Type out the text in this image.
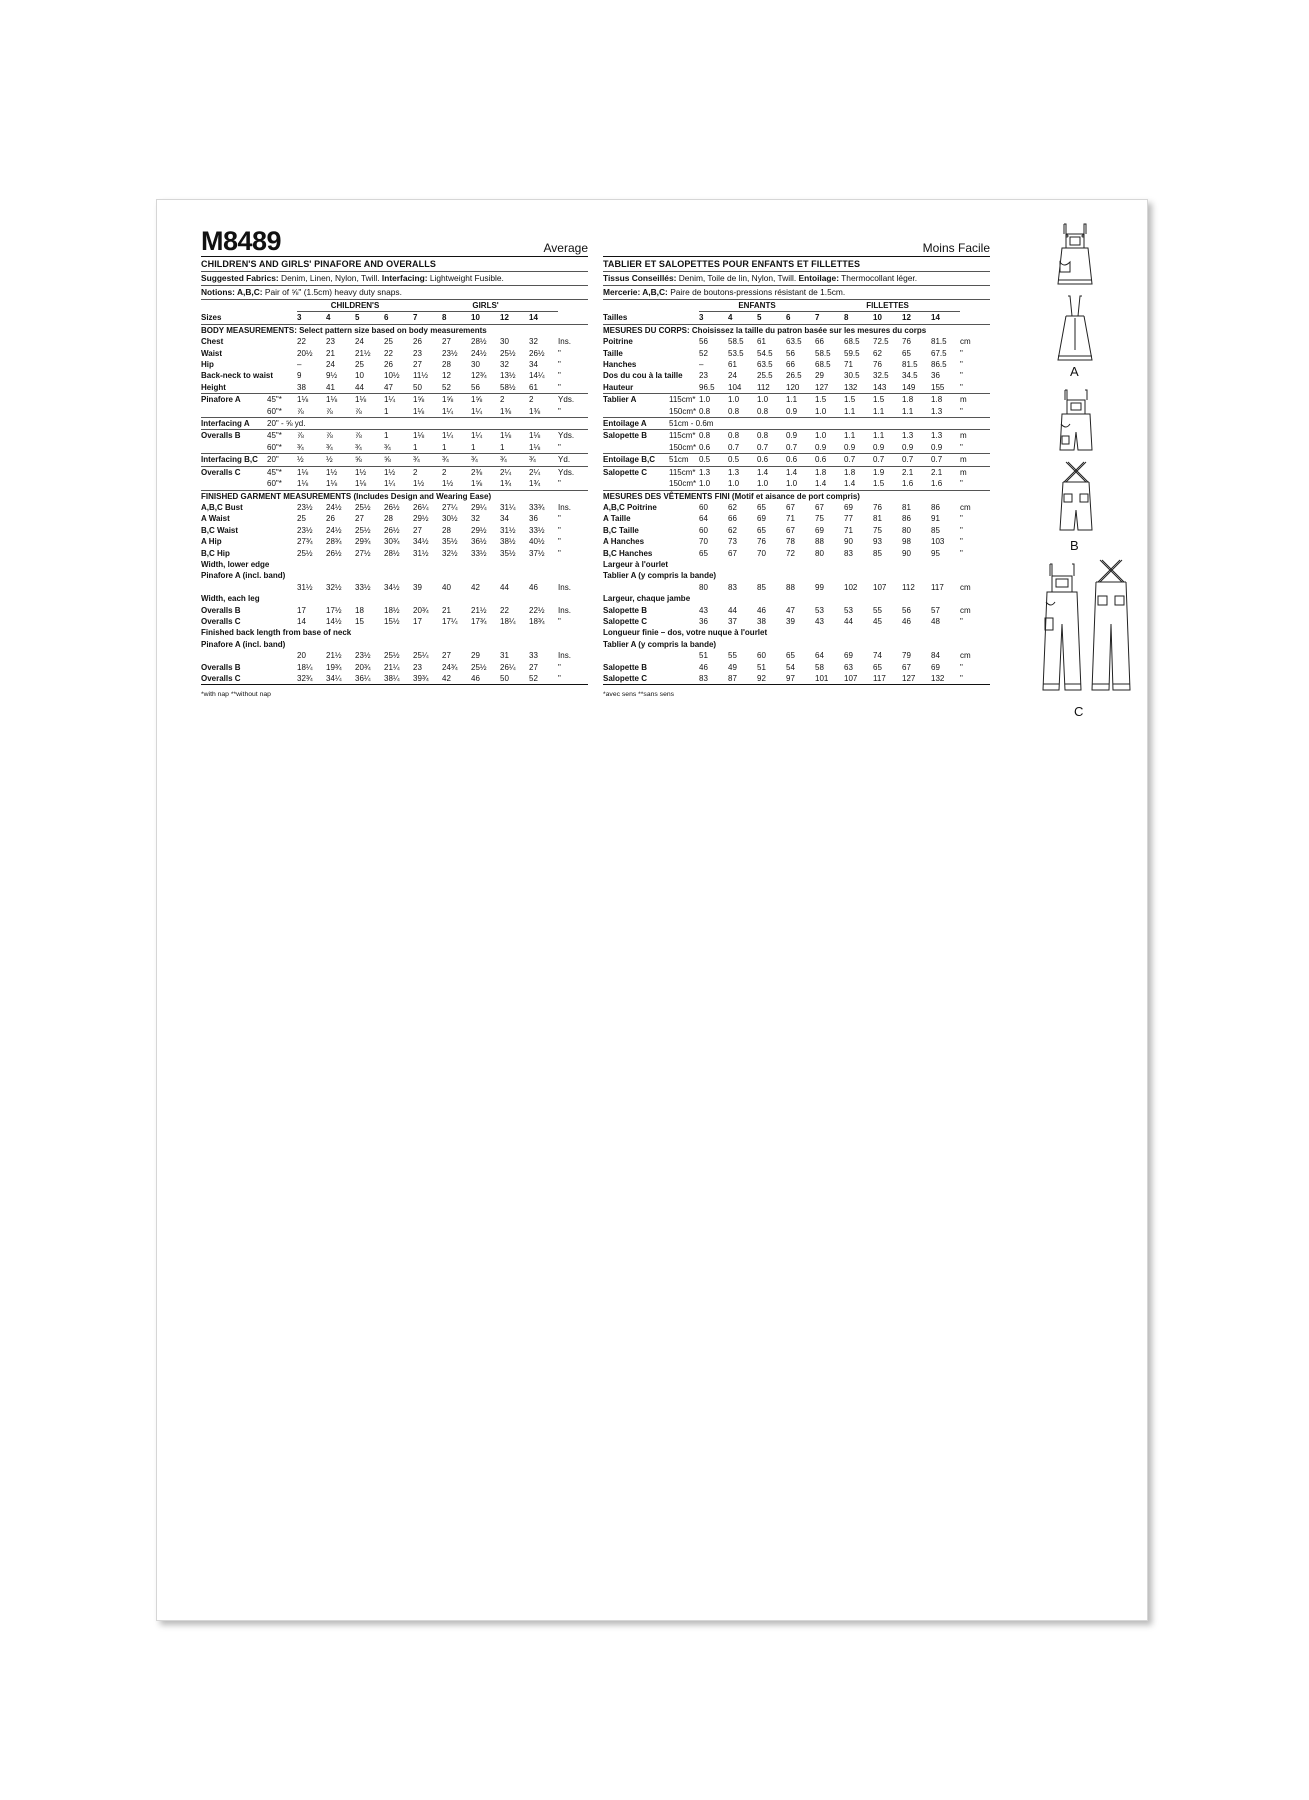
M8489	Average
CHILDREN'S AND GIRLS' PINAFORE AND OVERALLS
Suggested Fabrics: Denim, Linen, Nylon, Twill. Interfacing: Lightweight Fusible.
Notions: A,B,C: Pair of ⅝" (1.5cm) heavy duty snaps.
		CHILDREN'S				GIRLS'					
Sizes		3	4	5	6	7	8	10	12	14	
BODY MEASUREMENTS: Select pattern size based on body measurements											
Chest		22	23	24	25	26	27	28½	30	32	Ins.
Waist		20½	21	21½	22	23	23½	24½	25½	26½	"
Hip		–	24	25	26	27	28	30	32	34	"
Back-neck to waist		9	9½	10	10½	11½	12	12¾	13½	14¼	"
Height		38	41	44	47	50	52	56	58½	61	"
Pinafore A	45"*	1⅛	1⅛	1⅛	1¼	1⅝	1⅝	1⅝	2	2	Yds.
	60"*	⅞	⅞	⅞	1	1⅛	1¼	1¼	1⅜	1⅜	"
Interfacing A	20" - ⅝ yd.										
Overalls B	45"*	⅞	⅞	⅞	1	1⅛	1¼	1¼	1⅛	1⅛	Yds.
	60"*	¾	¾	¾	¾	1	1	1	1	1⅛	"
Interfacing B,C	20"	½	½	⅝	⅝	¾	¾	¾	¾	¾	Yd.
Overalls C	45"*	1⅛	1½	1½	1½	2	2	2⅜	2¼	2¼	Yds.
	60"*	1⅛	1⅛	1⅛	1¼	1½	1½	1⅝	1¾	1¾	"
FINISHED GARMENT MEASUREMENTS (Includes Design and Wearing Ease)											
A,B,C Bust		23½	24½	25½	26½	26¼	27¼	29¼	31¼	33¾	Ins.
A Waist		25	26	27	28	29½	30½	32	34	36	"
B,C Waist		23½	24½	25½	26½	27	28	29½	31½	33½	"
A Hip		27¾	28¾	29¾	30¾	34½	35½	36½	38½	40½	"
B,C Hip		25½	26½	27½	28½	31½	32½	33½	35½	37½	"
Width, lower edge											
Pinafore A (incl. band)											
		31½	32½	33½	34½	39	40	42	44	46	Ins.
Width, each leg											
Overalls B		17	17½	18	18½	20¾	21	21½	22	22½	Ins.
Overalls C		14	14½	15	15½	17	17¼	17¾	18¼	18¾	"
Finished back length from base of neck											
Pinafore A (incl. band)											
		20	21½	23½	25½	25¼	27	29	31	33	Ins.
Overalls B		18¼	19¾	20¾	21¼	23	24¾	25½	26¼	27	"
Overalls C		32¾	34¼	36¼	38¼	39¾	42	46	50	52	"
*with nap **without nap
Moins Facile
TABLIER ET SALOPETTES POUR ENFANTS ET FILLETTES
Tissus Conseillés: Denim, Toile de lin, Nylon, Twill. Entoilage: Thermocollant léger.
Mercerie: A,B,C: Paire de boutons-pressions résistant de 1.5cm.
		ENFANTS				FILLETTES					
Tailles		3	4	5	6	7	8	10	12	14	
MESURES DU CORPS: Choisissez la taille du patron basée sur les mesures du corps											
Poitrine		56	58.5	61	63.5	66	68.5	72.5	76	81.5	cm
Taille		52	53.5	54.5	56	58.5	59.5	62	65	67.5	"
Hanches		–	61	63.5	66	68.5	71	76	81.5	86.5	"
Dos du cou à la taille		23	24	25.5	26.5	29	30.5	32.5	34.5	36	"
Hauteur		96.5	104	112	120	127	132	143	149	155	"
Tablier A	115cm*	1.0	1.0	1.0	1.1	1.5	1.5	1.5	1.8	1.8	m
	150cm*	0.8	0.8	0.8	0.9	1.0	1.1	1.1	1.1	1.3	"
Entoilage A	51cm - 0.6m										
Salopette B	115cm*	0.8	0.8	0.8	0.9	1.0	1.1	1.1	1.3	1.3	m
	150cm*	0.6	0.7	0.7	0.7	0.9	0.9	0.9	0.9	0.9	"
Entoilage B,C	51cm	0.5	0.5	0.6	0.6	0.6	0.7	0.7	0.7	0.7	m
Salopette C	115cm*	1.3	1.3	1.4	1.4	1.8	1.8	1.9	2.1	2.1	m
	150cm*	1.0	1.0	1.0	1.0	1.4	1.4	1.5	1.6	1.6	"
MESURES DES VÊTEMENTS FINI (Motif et aisance de port compris)											
A,B,C Poitrine		60	62	65	67	67	69	76	81	86	cm
A Taille		64	66	69	71	75	77	81	86	91	"
B,C Taille		60	62	65	67	69	71	75	80	85	"
A Hanches		70	73	76	78	88	90	93	98	103	"
B,C Hanches		65	67	70	72	80	83	85	90	95	"
Largeur à l'ourlet											
Tablier A (y compris la bande)											
		80	83	85	88	99	102	107	112	117	cm
Largeur, chaque jambe											
Salopette B		43	44	46	47	53	53	55	56	57	cm
Salopette C		36	37	38	39	43	44	45	46	48	"
Longueur finie – dos, votre nuque à l'ourlet											
Tablier A (y compris la bande)											
		51	55	60	65	64	69	74	79	84	cm
Salopette B		46	49	51	54	58	63	65	67	69	"
Salopette C		83	87	92	97	101	107	117	127	132	"
*avec sens **sans sens
A
B
C
